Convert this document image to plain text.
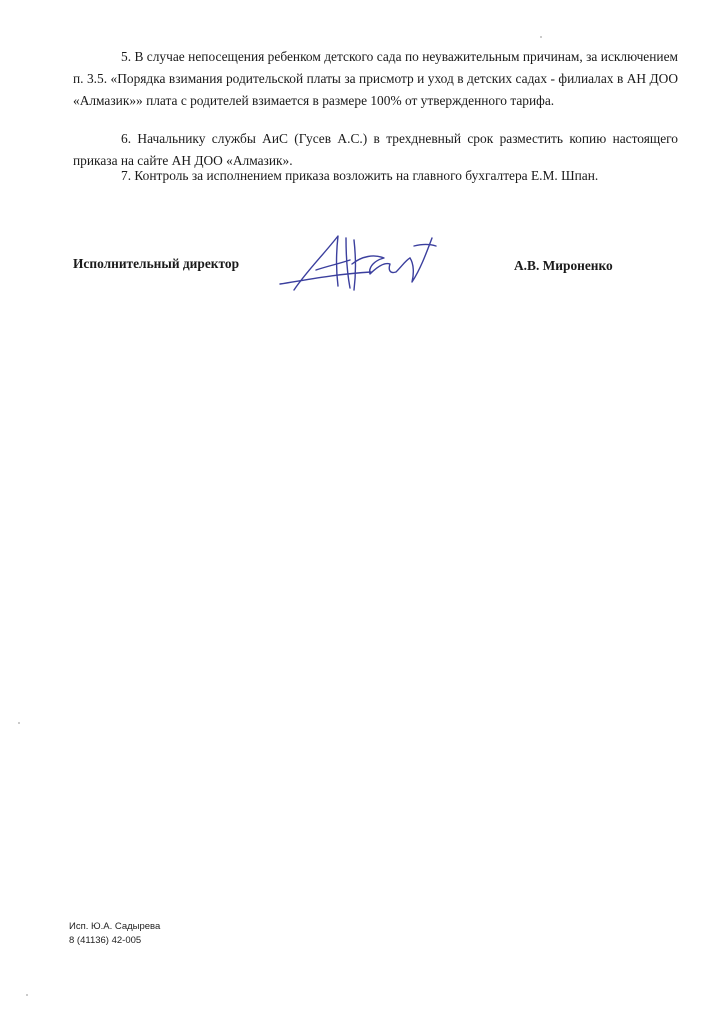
5. В случае непосещения ребенком детского сада по неуважительным причинам, за исключением п. 3.5. «Порядка взимания родительской платы за присмотр и уход в детских садах - филиалах в АН ДОО «Алмазик»» плата с родителей взимается в размере 100% от утвержденного тарифа.

6. Начальнику службы АиС (Гусев А.С.) в трехдневный срок разместить копию настоящего приказа на сайте АН ДОО «Алмазик».

7. Контроль за исполнением приказа возложить на главного бухгалтера Е.М. Шпан.

Исполнительный директор	А.В. Мироненко
Исп. Ю.А. Садырева
8 (41136) 42-005
